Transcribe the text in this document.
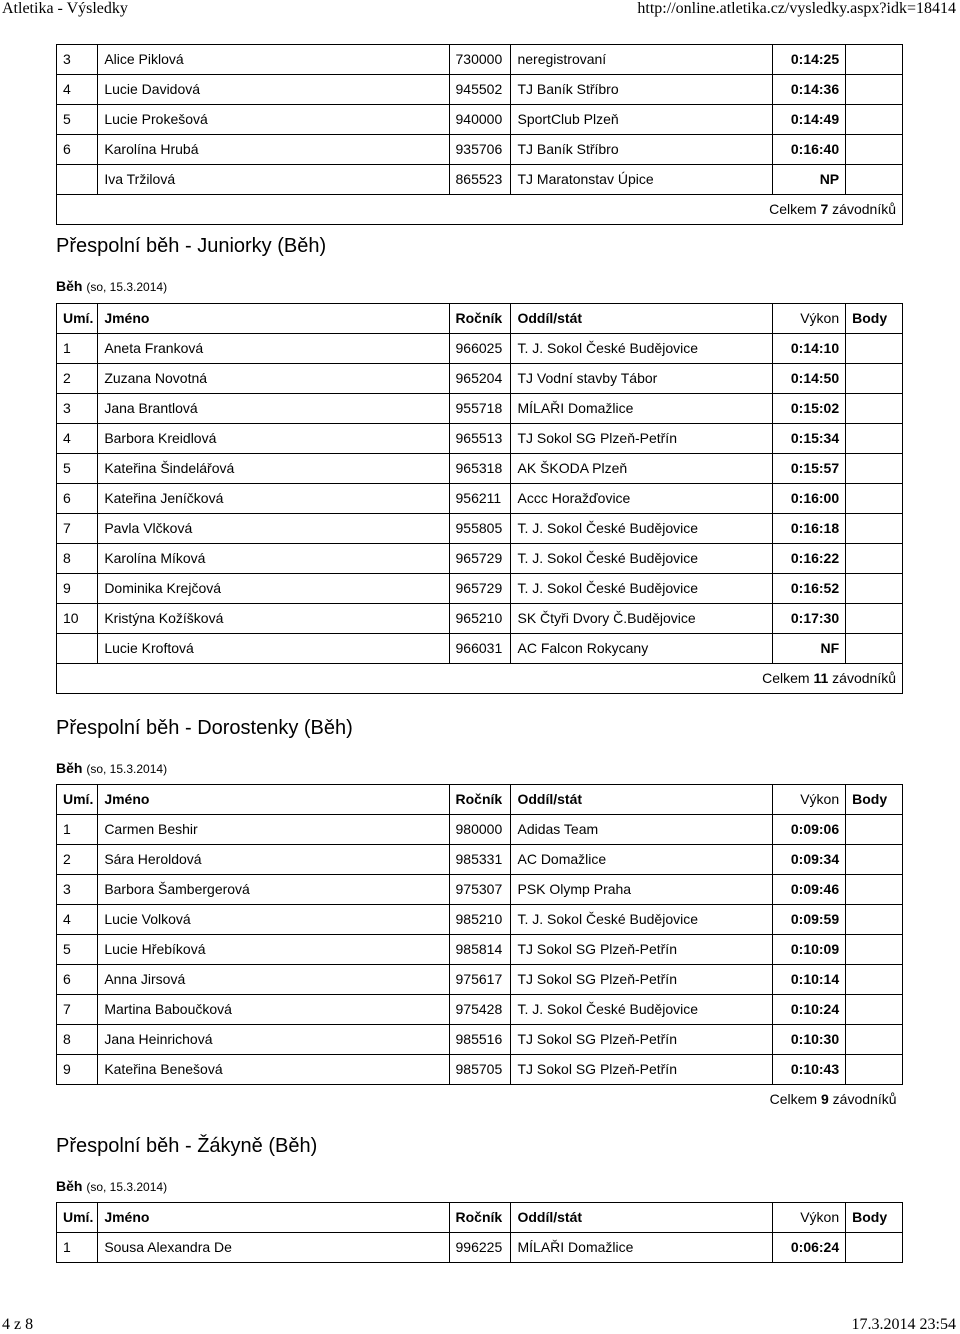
Atletika - Výsledky	http://online.atletika.cz/vysledky.aspx?idk=18414
4 z 8	17.3.2014 23:54
3	Alice Piklová	730000	neregistrovaní	0:14:25	
4	Lucie Davidová	945502	TJ Baník Stříbro	0:14:36	
5	Lucie Prokešová	940000	SportClub Plzeň	0:14:49	
6	Karolína Hrubá	935706	TJ Baník Stříbro	0:16:40	
	Iva Tržilová	865523	TJ Maratonstav Úpice	NP	
Celkem 7 závodníků					
Přespolní běh - Juniorky (Běh)
Běh (so, 15.3.2014)
Umí.	Jméno	Ročník	Oddíl/stát	Výkon	Body
1	Aneta Franková	966025	T. J. Sokol České Budějovice	0:14:10	
2	Zuzana Novotná	965204	TJ Vodní stavby Tábor	0:14:50	
3	Jana Brantlová	955718	MÍLAŘI Domažlice	0:15:02	
4	Barbora Kreidlová	965513	TJ Sokol SG Plzeň-Petřín	0:15:34	
5	Kateřina Šindelářová	965318	AK ŠKODA Plzeň	0:15:57	
6	Kateřina Jeníčková	956211	Accc Horažďovice	0:16:00	
7	Pavla Vlčková	955805	T. J. Sokol České Budějovice	0:16:18	
8	Karolína Míková	965729	T. J. Sokol České Budějovice	0:16:22	
9	Dominika Krejčová	965729	T. J. Sokol České Budějovice	0:16:52	
10	Kristýna Kožíšková	965210	SK Čtyři Dvory Č.Budějovice	0:17:30	
	Lucie Kroftová	966031	AC Falcon Rokycany	NF	
Celkem 11 závodníků					
Přespolní běh - Dorostenky (Běh)
Běh (so, 15.3.2014)
Umí.	Jméno	Ročník	Oddíl/stát	Výkon	Body
1	Carmen Beshir	980000	Adidas Team	0:09:06	
2	Sára Heroldová	985331	AC Domažlice	0:09:34	
3	Barbora Šambergerová	975307	PSK Olymp Praha	0:09:46	
4	Lucie Volková	985210	T. J. Sokol České Budějovice	0:09:59	
5	Lucie Hřebíková	985814	TJ Sokol SG Plzeň-Petřín	0:10:09	
6	Anna Jirsová	975617	TJ Sokol SG Plzeň-Petřín	0:10:14	
7	Martina Baboučková	975428	T. J. Sokol České Budějovice	0:10:24	
8	Jana Heinrichová	985516	TJ Sokol SG Plzeň-Petřín	0:10:30	
9	Kateřina Benešová	985705	TJ Sokol SG Plzeň-Petřín	0:10:43	
Celkem 9 závodníků					
Přespolní běh - Žákyně (Běh)
Běh (so, 15.3.2014)
Umí.	Jméno	Ročník	Oddíl/stát	Výkon	Body
1	Sousa Alexandra De	996225	MÍLAŘI Domažlice	0:06:24	
